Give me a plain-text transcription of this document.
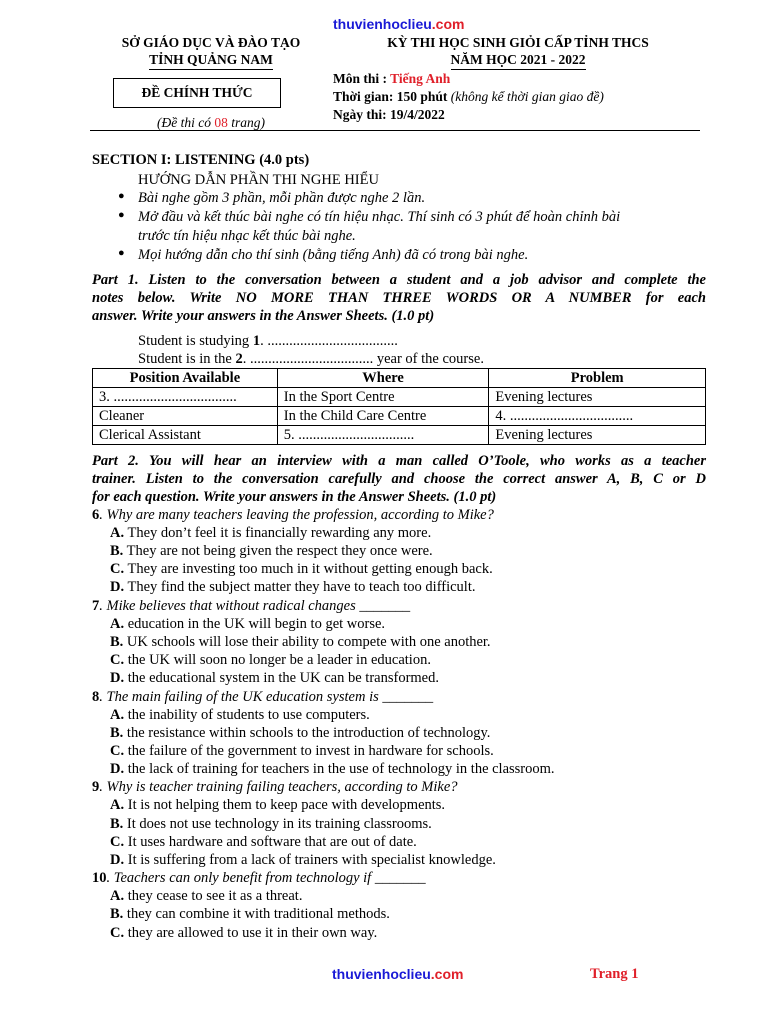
thuvienhoclieu.com
SỞ GIÁO DỤC VÀ ĐÀO TẠO
TỈNH QUẢNG NAM
ĐỀ CHÍNH THỨC
(Đề thi có 08 trang)
KỲ THI HỌC SINH GIỎI CẤP TỈNH THCS
NĂM HỌC 2021 - 2022
Môn thi : Tiếng Anh
Thời gian: 150 phút (không kể thời gian giao đề)
Ngày thi: 19/4/2022
SECTION I: LISTENING (4.0 pts)
HƯỚNG DẪN PHẦN THI NGHE HIỂU
● Bài nghe gồm 3 phần, mỗi phần được nghe 2 lần.
● Mở đầu và kết thúc bài nghe có tín hiệu nhạc. Thí sinh có 3 phút để hoàn chỉnh bài
trước tín hiệu nhạc kết thúc bài nghe.
● Mọi hướng dẫn cho thí sinh (bằng tiếng Anh) đã có trong bài nghe.
Part 1. Listen to the conversation between a student and a job advisor and complete the
notes below. Write NO MORE THAN THREE WORDS OR A NUMBER for each
answer. Write your answers in the Answer Sheets. (1.0 pt)
Student is studying 1. ....................................
Student is in the 2. .................................. year of the course.
Position Available	Where	Problem
3. ..................................	In the Sport Centre	Evening lectures
Cleaner	In the Child Care Centre	4. ..................................
Clerical Assistant	5. ................................	Evening lectures
Part 2. You will hear an interview with a man called O’Toole, who works as a teacher
trainer. Listen to the conversation carefully and choose the correct answer A, B, C or D
for each question. Write your answers in the Answer Sheets. (1.0 pt)
6. Why are many teachers leaving the profession, according to Mike?
A. They don’t feel it is financially rewarding any more.
B. They are not being given the respect they once were.
C. They are investing too much in it without getting enough back.
D. They find the subject matter they have to teach too difficult.
7. Mike believes that without radical changes _______
A. education in the UK will begin to get worse.
B. UK schools will lose their ability to compete with one another.
C. the UK will soon no longer be a leader in education.
D. the educational system in the UK can be transformed.
8. The main failing of the UK education system is _______
A. the inability of students to use computers.
B. the resistance within schools to the introduction of technology.
C. the failure of the government to invest in hardware for schools.
D. the lack of training for teachers in the use of technology in the classroom.
9. Why is teacher training failing teachers, according to Mike?
A. It is not helping them to keep pace with developments.
B. It does not use technology in its training classrooms.
C. It uses hardware and software that are out of date.
D. It is suffering from a lack of trainers with specialist knowledge.
10. Teachers can only benefit from technology if _______
A. they cease to see it as a threat.
B. they can combine it with traditional methods.
C. they are allowed to use it in their own way.
thuvienhoclieu.com	Trang 1
